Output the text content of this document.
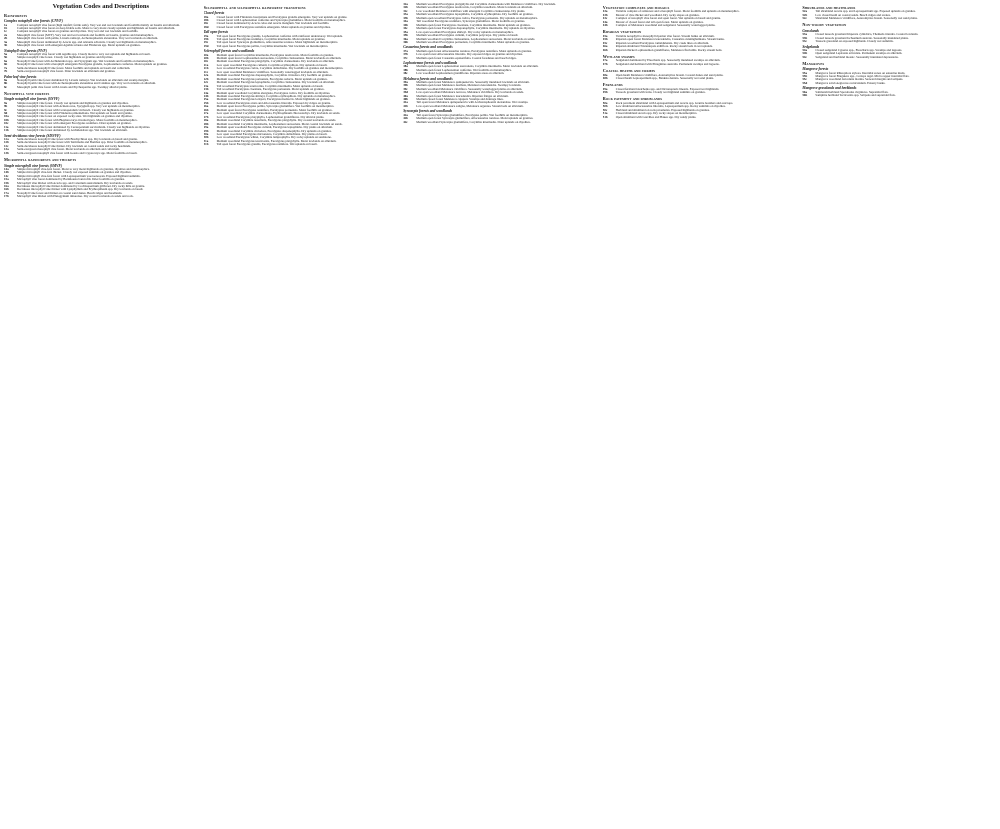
Vegetation Codes and Descriptions
Rainforests
Complex notophyll vine forests (CNVF)
1a	Complex notophyll vine forest (high rainfall; fertile soils). Very wet and wet lowlands and foothills mainly on basalts and alluvium.
1b	Complex notophyll vine forest on deep friable soils. Moist to very moist cloudy uplands and highlands on basalts and alluvium.
1c	Complex notophyll vine forest on granites and rhyolites. Very wet and wet lowlands and foothills.
2a	Mesophyll vine forest (MVF). Very wet and wet lowlands and foothills on basalts, granites and metamorphics.
2b	Mesophyll vine forest with palms, Licuala ramsayi, Archontophoenix alexandrae. Very wet lowlands on alluvium.
3a	Mesophyll vine forest dominated by Acacia spp. and Alstonia scholaris. Cloudy wet highlands on metamorphics.
3b	Mesophyll vine forest with emergent Agathis robusta and Flindersia spp. Moist uplands on granites.
Notophyll vine forests (NVF)
5a	Complex notophyll vine forest with Agathis spp. Cloudy moist to very wet uplands and highlands on basalt.
5b	Simple notophyll vine forest. Cloudy wet highlands on granites and rhyolites.
6a	Notophyll vine forest with Archidendron spp. and Syzygium spp. Wet lowlands and foothills on metamorphics.
6b	Notophyll vine forest with sclerophyll emergents Eucalyptus grandis, Lophostemon confertus. Moist uplands on granites.
7a	Semi-deciduous notophyll vine forest. Moist foothills and uplands on basalt and colluvium.
7b	Semi-evergreen notophyll vine forest. Drier lowlands on alluvium and granites.
Palm-leaf vine forests
8a	Notophyll palm vine forest dominated by Licuala ramsayi. Wet lowlands on alluvium and swamp margins.
8b	Notophyll palm vine forest with Archontophoenix alexandrae and Calamus spp. Very wet lowlands on alluvium.
8c	Mesophyll palm vine forest with Licuala and Ptychosperma spp. Swampy alluvial plains.
Notophyll vine forests
Simple notophyll vine forests (SNVF)
9a	Simple notophyll vine forest. Cloudy wet uplands and highlands on granites and rhyolites.
9b	Simple notophyll vine forest with Acmena resa, Syzygium spp. Very wet uplands on metamorphics.
9c	Simple notophyll vine forest with Ceratopetalum virchowii. Cloudy wet highlands on granites.
9d	Simple notophyll vine forest with Flindersia pimenteliana. Wet uplands on basalt and granite.
10a	Simple notophyll vine forest on exposed rocky sites. Wet highlands on granites and rhyolites.
10b	Simple notophyll vine forest with Blepharocarya involucrigera. Moist foothills on metamorphics.
10c	Simple notophyll vine forest with emergent Eucalyptus resinifera. Drier uplands on granites.
11a	Simple notophyll vine forest dominated by Ceratopetalum succirubrum. Cloudy wet highlands on rhyolites.
11b	Simple notophyll vine forest dominated by Archidendron spp. Wet lowlands on alluvium.
Semi-deciduous vine forests (SDNVF)
12a	Semi-deciduous notophyll vine forest with Brachychiton spp. Dry lowlands on basalt and granite.
12b	Semi-deciduous notophyll vine forest with Terminalia and Bombax spp. Drier foothills on metamorphics.
12c	Semi-deciduous notophyll vine thicket. Dry lowlands on coastal sands and rocky headlands.
13a	Semi-evergreen mesophyll vine forest. Moist lowlands on alluvium and colluvium.
13b	Semi-evergreen notophyll vine forest with Gossia and Cryptocarya spp. Moist foothills on basalt.
Microphyll rainforests and thickets
Simple microphyll vine forests (SMVF)
14a	Simple microphyll vine-fern forest. Moist to very moist highlands on granites, rhyolites and metamorphics.
14b	Simple microphyll vine-fern thicket. Cloudy wet exposed summits on granites and rhyolites.
14c	Simple microphyll vine-fern forest with Leptospermum wooroonooran. Exposed highland summits.
15a	Microphyll vine forest dominated by Backhousia bancroftii. Drier foothills on granites.
15b	Microphyll vine thicket with Acacia spp. and Canarium australianum. Dry lowlands on sands.
16a	Deciduous microphyll vine thicket dominated by Cochlospermum gillivraei. Dry rocky hills on granite.
16b	Deciduous microphyll vine thicket with Lysiphyllum and Erythrophleum spp. Dry lowlands on basalt.
17a	Notophyll vine forest and thicket on coastal sand dunes. Beach ridges and headlands.
17b	Microphyll vine thicket with Pleiogynium timorense. Dry coastal lowlands on sands and rock.
Sclerophyll and sclerophyll rainforest transitions
Closed forests
18a	Closed forest with Flindersia bourjotiana and Eucalyptus grandis emergents. Very wet uplands on granite.
18b	Closed forest with Lophostemon confertus and Syncarpia glomulifera. Moist foothills on metamorphics.
18c	Closed forest dominated by Acacia celsa and Acacia mangium. Wet lowlands and foothills.
18d	Closed forest with Eucalyptus resinifera emergents. Moist uplands on granites and rhyolites.
Tall open forests
19a	Tall open forest Eucalyptus grandis, Lophostemon confertus with rainforest understorey. Wet uplands.
19b	Tall open forest Eucalyptus resinifera, Corymbia intermedia. Moist uplands on granites.
19c	Tall open forest Syncarpia glomulifera, Allocasuarina torulosa. Moist highlands on metamorphics.
19d	Tall open forest Eucalyptus pellita, Corymbia intermedia. Wet lowlands on metamorphics.
Sclerophyll forests and woodlands
20a	Medium open forest Corymbia intermedia, Eucalyptus tereticornis. Moist foothills on granites.
20b	Medium open forest Lophostemon suaveolens, Corymbia clarksoniana. Moist lowlands on alluvium.
20c	Medium woodland Eucalyptus platyphylla, Corymbia clarksoniana. Dry lowlands on alluvium.
21a	Low open woodland Eucalyptus cullenii, Corymbia erythrophloia. Dry uplands on basalt.
21b	Low woodland Eucalyptus crebra, Corymbia dallachiana. Dry foothills on granites and metamorphics.
21c	Low open woodland Melaleuca viridiflora. Seasonally waterlogged lowlands on alluvium.
22a	Medium woodland Eucalyptus drepanophylla, Corymbia citriodora. Dry foothills on granites.
22b	Medium woodland Eucalyptus portuensis, Eucalyptus reducta. Moist uplands on granites.
22c	Medium woodland Eucalyptus leptophleba, Corymbia clarksoniana. Dry lowlands on alluvium.
23a	Tall woodland Eucalyptus tereticornis, Corymbia intermedia. Moist uplands on basalt.
23b	Tall woodland Eucalyptus cloeziana, Eucalyptus portuensis. Moist uplands on granites.
24a	Medium open woodland Corymbia abergiana, Eucalyptus crebra. Dry foothills on rhyolites.
24b	Medium woodland Eucalyptus shirleyi, Corymbia erythrophloia. Dry uplands on metamorphics.
25a	Medium woodland Eucalyptus lockyeri, Eucalyptus mediocris. Moist highlands on granites.
25b	Low woodland Eucalyptus atrata and Allocasuarina littoralis. Exposed dry ridges on granite.
26a	Medium open forest Eucalyptus pellita, Syncarpia glomulifera. Wet foothills on metamorphics.
26b	Medium open forest Eucalyptus resinifera, Eucalyptus portuensis. Moist foothills on granites.
27a	Low open woodland Corymbia clarksoniana, Erythrophleum chlorostachys. Dry lowlands on sands.
27b	Low woodland Eucalyptus platyphylla, Lophostemon grandiflorus. Dry alluvial plains.
28a	Medium woodland Corymbia tessellaris, Eucalyptus platyphylla. Dry coastal lowlands on sands.
28b	Medium woodland Corymbia intermedia, Lophostemon suaveolens. Moist coastal lowlands on sands.
29a	Medium open woodland Eucalyptus cullenii, Eucalyptus leptophleba. Dry plains on alluvium.
29b	Medium woodland Corymbia citriodora, Eucalyptus drepanophylla. Dry uplands on granites.
30a	Low open woodland Eucalyptus microneura, Corymbia dallachiana. Dry plains on basalt.
30b	Low woodland Eucalyptus whitei, Corymbia lamprophylla. Dry rocky uplands on sandstone.
31a	Medium woodland Eucalyptus tereticornis, Eucalyptus platyphylla. Moist lowlands on alluvium.
31b	Tall open forest Eucalyptus grandis, Eucalyptus resinifera. Wet uplands on basalt.
32a	Medium woodland Eucalyptus platyphylla and Corymbia clarksoniana with Melaleuca viridiflora. Dry lowlands.
32b	Medium woodland Eucalyptus tereticornis, Corymbia tessellaris. Moist lowlands on alluvium.
32c	Low woodland Melaleuca viridiflora with emergent Corymbia clarksoniana. Dry plains.
33a	Medium woodland Eucalyptus leptophleba, Corymbia erythrophloia. Dry foothills on granites.
33b	Medium open woodland Eucalyptus crebra, Eucalyptus portuensis. Dry uplands on metamorphics.
34a	Tall woodland Eucalyptus resinifera, Syncarpia glomulifera. Moist foothills on granites.
34b	Medium open forest Eucalyptus cloeziana, Corymbia intermedia. Moist uplands on granites.
34c	Medium open forest Eucalyptus drepanophylla, Corymbia intermedia. Dry uplands on rhyolites.
35a	Low open woodland Eucalyptus shirleyi. Dry rocky uplands on metamorphics.
35b	Medium woodland Eucalyptus cullenii, Corymbia polycarpa. Dry plains on basalt.
36a	Medium woodland Corymbia clarksoniana, Lophostemon suaveolens. Moist lowlands on sands.
36b	Medium woodland Eucalyptus portuensis, Corymbia intermedia. Moist uplands on granites.
Casuarina forests and woodlands
37a	Medium open forest Allocasuarina torulosa, Eucalyptus resinifera. Moist uplands on granites.
37b	Low open forest Allocasuarina littoralis. Dry exposed ridges on granites and rhyolites.
37c	Medium open forest Casuarina equisetifolia. Coastal foredunes and beach ridges.
Lophostemon forests and woodlands
38a	Medium open forest Lophostemon suaveolens, Corymbia intermedia. Moist lowlands on alluvium.
38b	Medium open forest Lophostemon confertus. Wet foothills on metamorphics.
38c	Low woodland Lophostemon grandiflorus. Riparian areas on alluvium.
Melaleuca forests and woodlands
39a	Medium open forest Melaleuca quinquenervia. Seasonally inundated lowlands on alluvium.
39b	Medium open forest Melaleuca dealbata, Melaleuca leucadendra. Swampy lowlands.
39c	Medium woodland Melaleuca viridiflora. Seasonally waterlogged plains on alluvium.
39d	Low open woodland Melaleuca nervosa, Melaleuca viridiflora. Dry lowlands on sands.
40a	Medium open forest Melaleuca leucadendra. Riparian fringes on alluvium.
40b	Medium closed forest Melaleuca cajuputi. Swamps and drainage lines.
41a	Tall open forest Melaleuca quinquenervia with Archontophoenix alexandrae. Wet swamps.
41b	Low open woodland Melaleuca saligna, Melaleuca argentea. Stream beds on alluvium.
Syncarpia forests and woodlands
42a	Tall open forest Syncarpia glomulifera, Eucalyptus pellita. Wet foothills on metamorphics.
42b	Medium open forest Syncarpia glomulifera, Allocasuarina torulosa. Moist uplands on granites.
42c	Medium woodland Syncarpia glomulifera, Corymbia intermedia. Drier uplands on rhyolites.
Vegetation complexes and mosaics
43a	Variable complex of rainforest and sclerophyll forest. Moist foothills and uplands on metamorphics.
43b	Mosaic of vine thicket and woodland. Dry rocky slopes on granites.
43c	Complex of notophyll vine forest and open forest. Wet uplands on basalt and granite.
44a	Mosaic of closed forest and tall open forest. Moist uplands on granites.
44b	Complex of Melaleuca woodland and sedgeland. Seasonally waterlogged plains.
Riparian vegetation
45a	Variable notophyll to mesophyll riparian vine forest. Stream banks on alluvium.
45b	Riparian open forest Melaleuca leucadendra, Casuarina cunninghamiana. Stream banks.
45c	Riparian woodland Eucalyptus camaldulensis. Dry creek lines on alluvium.
46a	Riparian shrubland Tristaniopsis exiliflora. Rocky stream beds in wet uplands.
46b	Riparian thicket Lophostemon grandiflorus, Melaleuca fluviatilis. Rocky stream beds.
Wetland swamps
47a	Sedgeland dominated by Eleocharis spp. Seasonally inundated swamps on alluvium.
47b	Sedgeland and herbland with Phragmites australis. Permanent swamps and lagoons.
Coastal heaths and swamps
48a	Open heath Melaleuca viridiflora, Asteromyrtus brassii. Coastal dunes and sand plains.
48b	Closed heath Leptospermum spp., Banksia dentata. Seasonally wet sand plains.
Fernlands
49a	Closed fernland Gleichenia spp. and Dicranopteris linearis. Exposed wet highlands.
49b	Tussock grassland with ferns. Cloudy wet highland summits on granites.
Rock pavement and shrublands
50a	Rock pavement shrubland with Leptospermum and Acacia spp. Granite boulders and outcrops.
50b	Low shrubland Allocasuarina littoralis, Leptospermum spp. Rocky summits on rhyolites.
50c	Herbland and shrubland on rock pavements. Exposed highlands on granites.
51a	Closed shrubland Acacia spp. Dry rocky slopes on metamorphics.
51b	Open shrubland with Grevillea and Hakea spp. Dry sandy plains.
Shrublands and heathlands
52a	Tall shrubland Acacia spp. and Leptospermum spp. Exposed uplands on granites.
52b	Low closed heath on coastal sands. Beach ridges and swales.
52c	Shrubland Melaleuca viridiflora, Asteromyrtus brassii. Seasonally wet sand plains.
Non-woody vegetation
Grasslands
53a	Closed tussock grassland Imperata cylindrica, Themeda triandra. Coastal lowlands.
53b	Closed tussock grassland Ischaemum australe. Seasonally inundated plains.
53c	Tussock grassland on exposed highlands. Cloudy wet summits.
Sedgelands
54a	Closed sedgeland Cyperus spp., Eleocharis spp. Swamps and lagoons.
54b	Open sedgeland Lepironia articulata. Permanent swamps on alluvium.
54c	Sedgeland and herbland mosaic. Seasonally inundated depressions.
Mangroves
Mangrove forests
55a	Mangrove forest Rhizophora stylosa. Intertidal zones on estuarine muds.
55b	Mangrove forest Bruguiera spp., Ceriops tagal. Mid to upper intertidal flats.
55c	Mangrove woodland Avicennia marina. Seaward margins and saltpans.
55d	Mangrove scrub Aegiceras corniculatum. Estuary banks.
Mangrove grasslands and herblands
56a	Saltmarsh herbland Sporobolus virginicus. Supratidal flats.
56b	Samphire herbland Tecticornia spp. Saltpans and supratidal flats.
